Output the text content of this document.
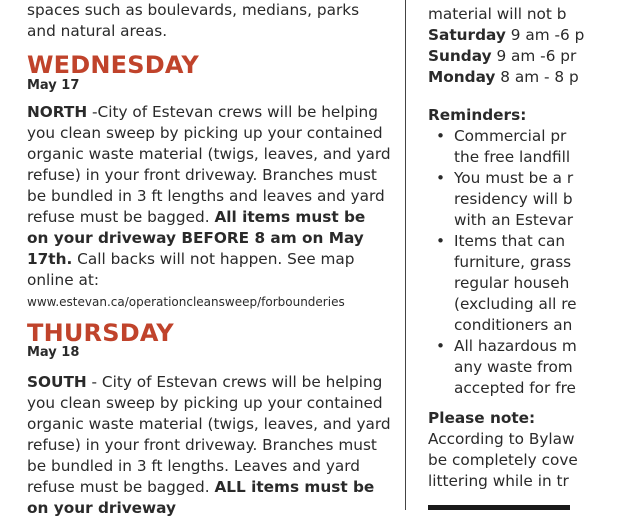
spaces such as boulevards, medians, parks
and natural areas.

WEDNESDAY

May 17

NORTH -City of Estevan crews will be helping you clean sweep by picking up your contained organic waste material (twigs, leaves, and yard refuse) in your front driveway. Branches must be bundled in 3 ft lengths and leaves and yard refuse must be bagged. All items must be on your driveway BEFORE 8 am on May 17th. Call backs will not happen. See map online at:
www.estevan.ca/operationcleansweep/forbounderies

THURSDAY

May 18

SOUTH - City of Estevan crews will be helping you clean sweep by picking up your contained organic waste material (twigs, leaves, and yard refuse) in your front driveway. Branches must be bundled in 3 ft lengths. Leaves and yard refuse must be bagged. ALL items must be on your driveway

material will not b

Saturday 9 am -6 p

Sunday 9 am -6 pr

Monday 8 am - 8 p

Reminders:

• Commercial pr
the free landfill
• You must be a r
residency will b
with an Estevar
• Items that can
furniture, grass
regular househ
(excluding all re
conditioners an
• All hazardous m
any waste from
accepted for fre

Please note:

According to Bylaw

be completely cove

littering while in tr
